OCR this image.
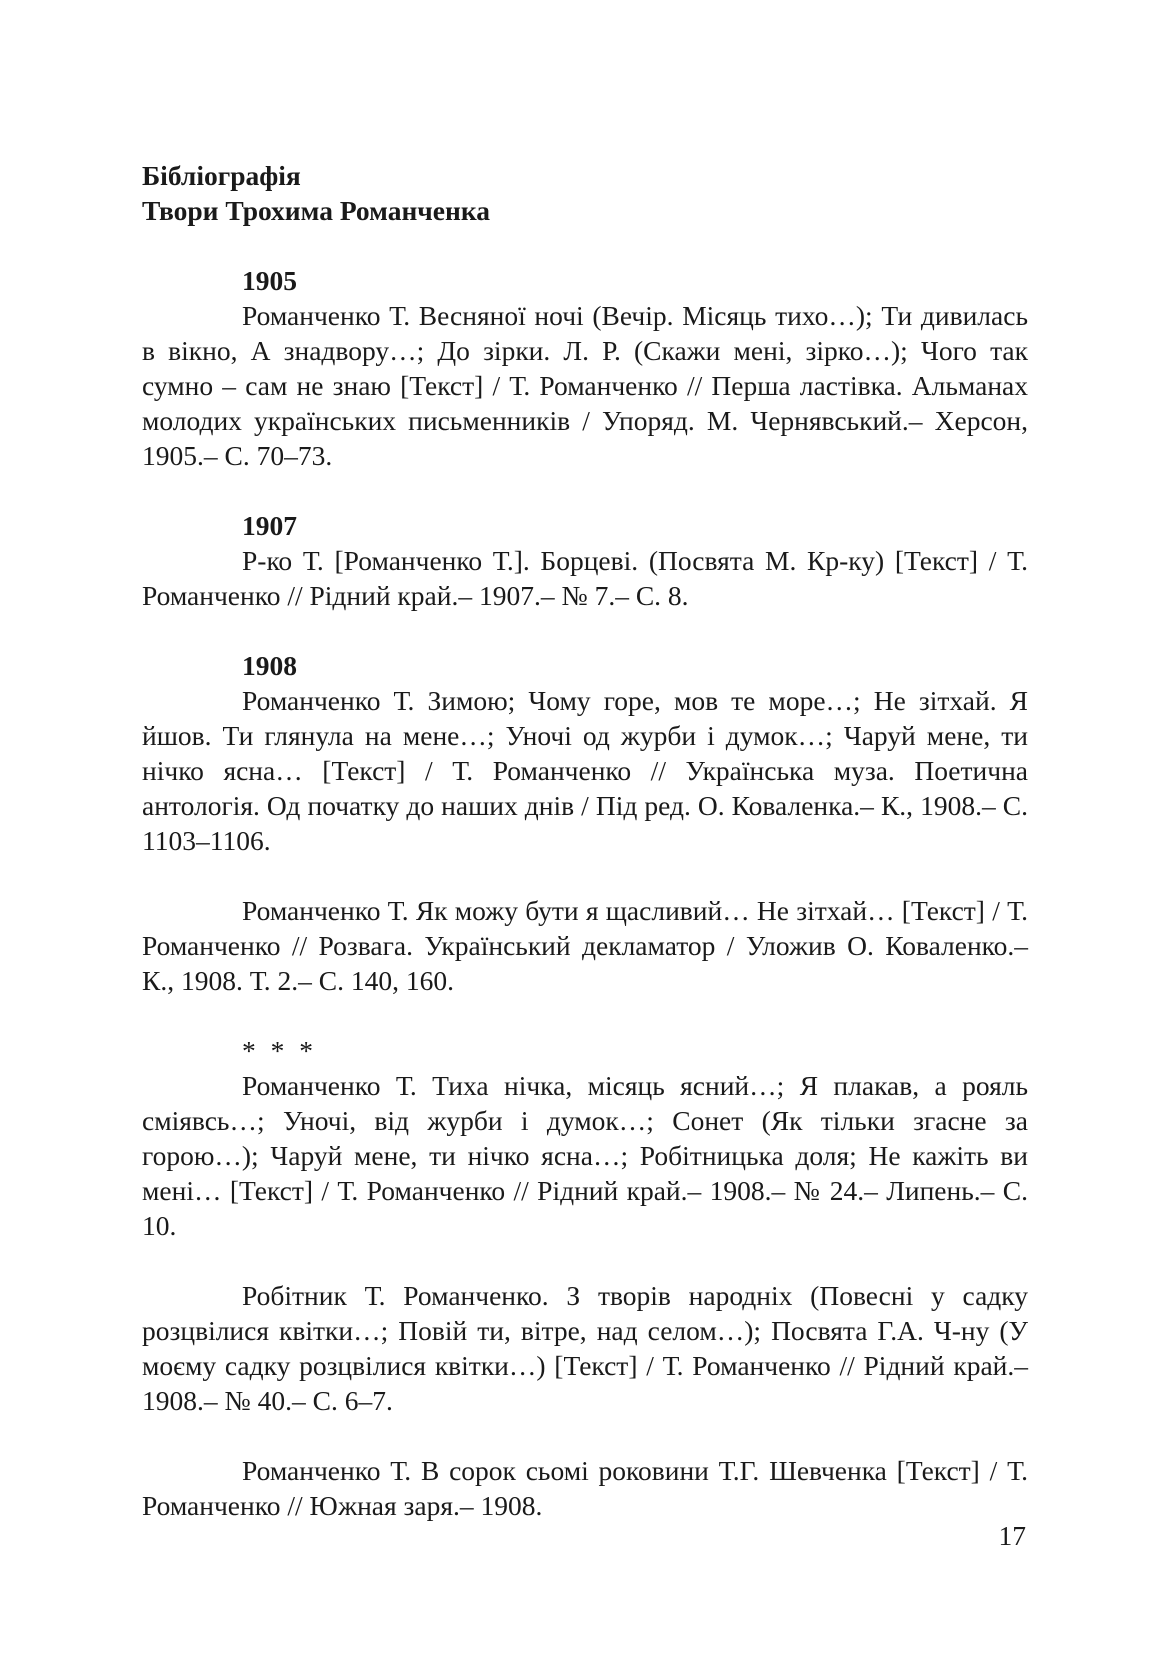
Бібліографія

Твори Трохима Романченка

1905

Романченко Т. Весняної ночі (Вечір. Місяць тихо…); Ти дивилась в вікно, А знадвору…; До зірки. Л. Р. (Скажи мені, зірко…); Чого так сумно – сам не знаю [Текст] / Т. Романченко // Перша ластівка. Альманах молодих українських письменників / Упоряд. М. Чернявський.– Херсон, 1905.– С. 70–73.

1907

Р-ко Т. [Романченко Т.]. Борцеві. (Посвята М. Кр-ку) [Текст] / Т. Романченко // Рідний край.– 1907.– № 7.– С. 8.

1908

Романченко Т. Зимою; Чому горе, мов те море…; Не зітхай. Я йшов. Ти глянула на мене…; Уночі од журби і думок…; Чаруй мене, ти нічко ясна… [Текст] / Т. Романченко // Українська муза. Поетична антологія. Од початку до наших днів / Під ред. О. Коваленка.– К., 1908.– С. 1103–1106.

Романченко Т. Як можу бути я щасливий… Не зітхай… [Текст] / Т. Романченко // Розвага. Український декламатор / Уложив О. Коваленко.– К., 1908. Т. 2.– С. 140, 160.

* * *

Романченко Т. Тиха нічка, місяць ясний…; Я плакав, а рояль сміявсь…; Уночі, від журби і думок…; Сонет (Як тільки згасне за горою…); Чаруй мене, ти нічко ясна…; Робітницька доля; Не кажіть ви мені… [Текст] / Т. Романченко // Рідний край.– 1908.– № 24.– Липень.– С. 10.

Робітник Т. Романченко. З творів народніх (Повесні у садку розцвілися квітки…; Повій ти, вітре, над селом…); Посвята Г.А. Ч-ну (У моєму садку розцвілися квітки…) [Текст] / Т. Романченко // Рідний край.– 1908.– № 40.– С. 6–7.

Романченко Т. В сорок сьомі роковини Т.Г. Шевченка [Текст] / Т. Романченко // Южная заря.– 1908.

17
